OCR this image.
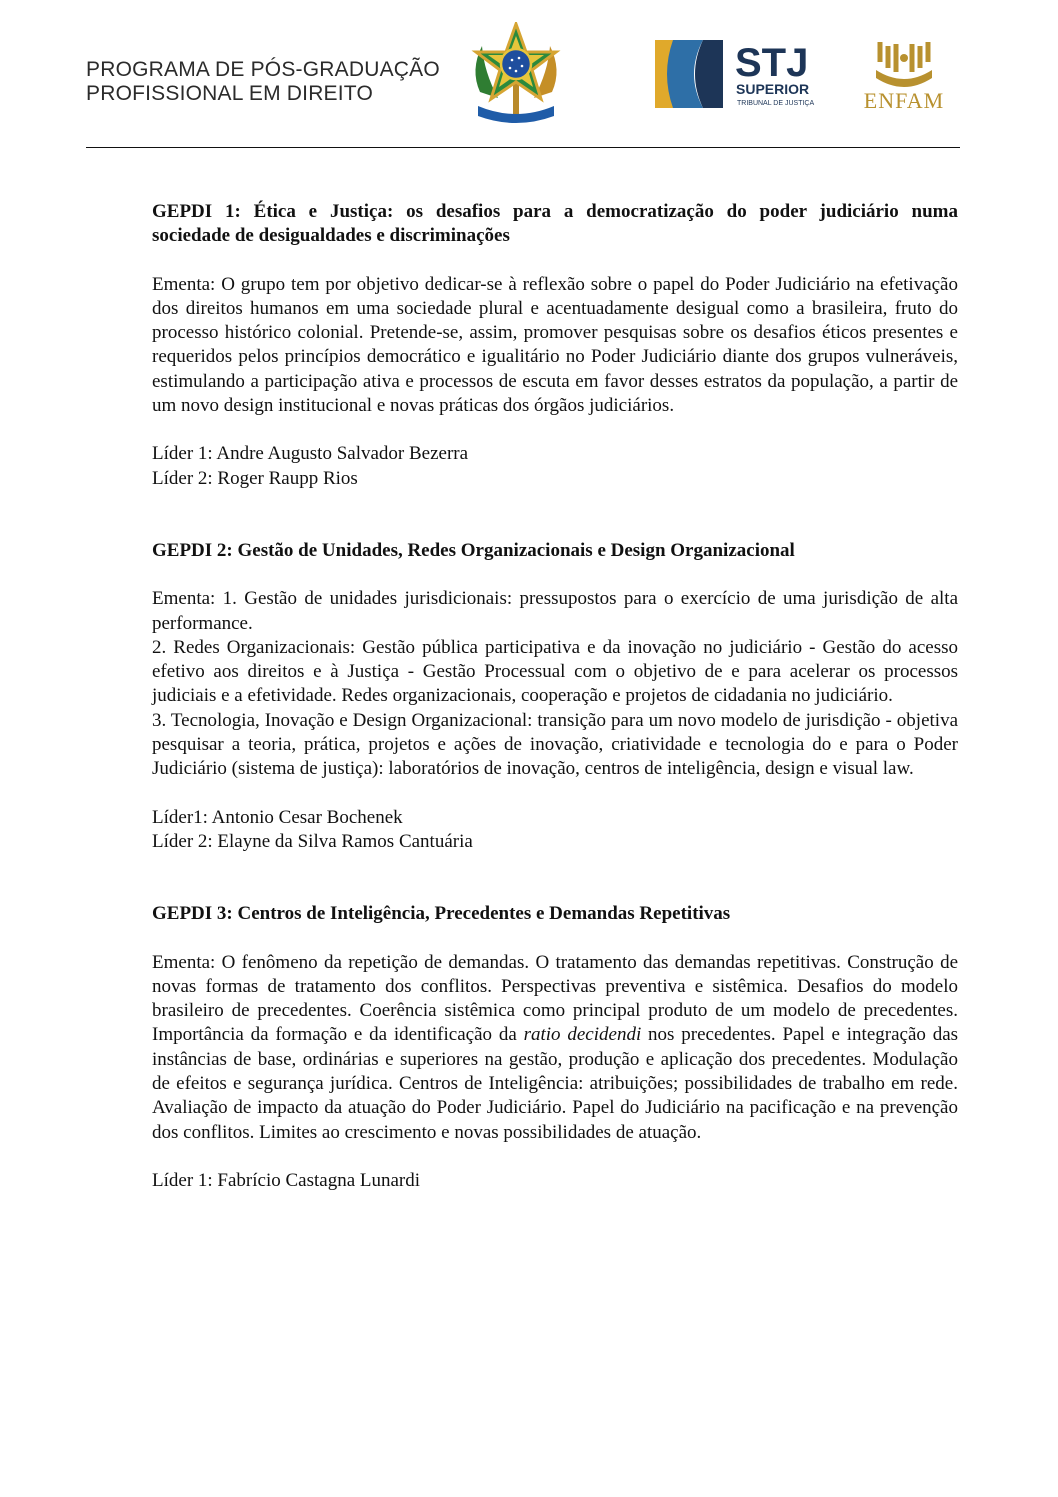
PROGRAMA DE PÓS-GRADUAÇÃO
PROFISSIONAL EM DIREITO
STJ
SUPERIOR
TRIBUNAL DE JUSTIÇA ENFAM

GEPDI 1: Ética e Justiça: os desafios para a democratização do poder judiciário numa

sociedade de desigualdades e discriminações

Ementa: O grupo tem por objetivo dedicar-se à reflexão sobre o papel do Poder Judiciário na efetivação dos direitos humanos em uma sociedade plural e acentuadamente desigual como a brasileira, fruto do processo histórico colonial. Pretende-se, assim, promover pesquisas sobre os desafios éticos presentes e requeridos pelos princípios democrático e igualitário no Poder Judiciário diante dos grupos vulneráveis, estimulando a participação ativa e processos de escuta em favor desses estratos da população, a partir de um novo design institucional e novas práticas dos órgãos judiciários.

Líder 1: Andre Augusto Salvador Bezerra

Líder 2: Roger Raupp Rios

GEPDI 2: Gestão de Unidades, Redes Organizacionais e Design Organizacional

Ementa: 1. Gestão de unidades jurisdicionais: pressupostos para o exercício de uma jurisdição de alta performance.

2. Redes Organizacionais: Gestão pública participativa e da inovação no judiciário - Gestão do acesso efetivo aos direitos e à Justiça - Gestão Processual com o objetivo de e para acelerar os processos judiciais e a efetividade. Redes organizacionais, cooperação e projetos de cidadania no judiciário.

3. Tecnologia, Inovação e Design Organizacional: transição para um novo modelo de jurisdição - objetiva pesquisar a teoria, prática, projetos e ações de inovação, criatividade e tecnologia do e para o Poder Judiciário (sistema de justiça): laboratórios de inovação, centros de inteligência, design e visual law.

Líder1: Antonio Cesar Bochenek

Líder 2: Elayne da Silva Ramos Cantuária

GEPDI 3: Centros de Inteligência, Precedentes e Demandas Repetitivas

Ementa: O fenômeno da repetição de demandas. O tratamento das demandas repetitivas. Construção de novas formas de tratamento dos conflitos. Perspectivas preventiva e sistêmica. Desafios do modelo brasileiro de precedentes. Coerência sistêmica como principal produto de um modelo de precedentes. Importância da formação e da identificação da ratio decidendi nos precedentes. Papel e integração das instâncias de base, ordinárias e superiores na gestão, produção e aplicação dos precedentes. Modulação de efeitos e segurança jurídica. Centros de Inteligência: atribuições; possibilidades de trabalho em rede. Avaliação de impacto da atuação do Poder Judiciário. Papel do Judiciário na pacificação e na prevenção dos conflitos. Limites ao crescimento e novas possibilidades de atuação.

Líder 1: Fabrício Castagna Lunardi
